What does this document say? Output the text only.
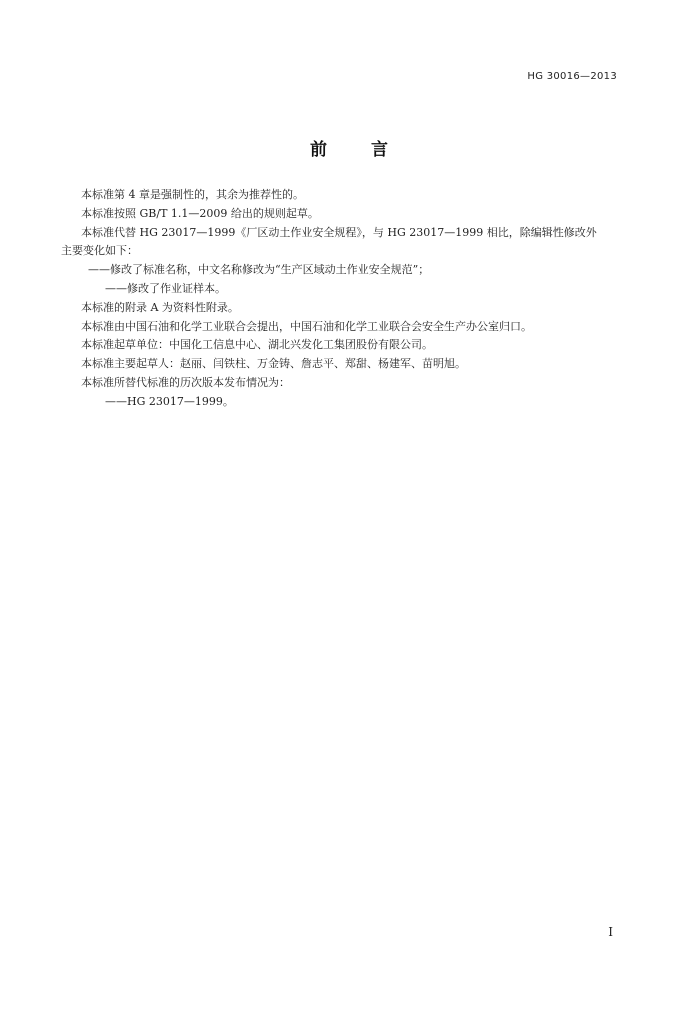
HG 30016—2013
前言

本标准第 4 章是强制性的，其余为推荐性的。

本标准按照 GB/T 1.1—2009 给出的规则起草。

本标准代替 HG 23017—1999《厂区动土作业安全规程》，与 HG 23017—1999 相比，除编辑性修改外

主要变化如下：

——修改了标准名称，中文名称修改为“生产区域动土作业安全规范”；

——修改了作业证样本。

本标准的附录 A 为资料性附录。

本标准由中国石油和化学工业联合会提出，中国石油和化学工业联合会安全生产办公室归口。

本标准起草单位：中国化工信息中心、湖北兴发化工集团股份有限公司。

本标准主要起草人：赵丽、闫铁柱、万金铸、詹志平、郑甜、杨建军、苗明旭。

本标准所替代标准的历次版本发布情况为：

——HG 23017—1999。

I
